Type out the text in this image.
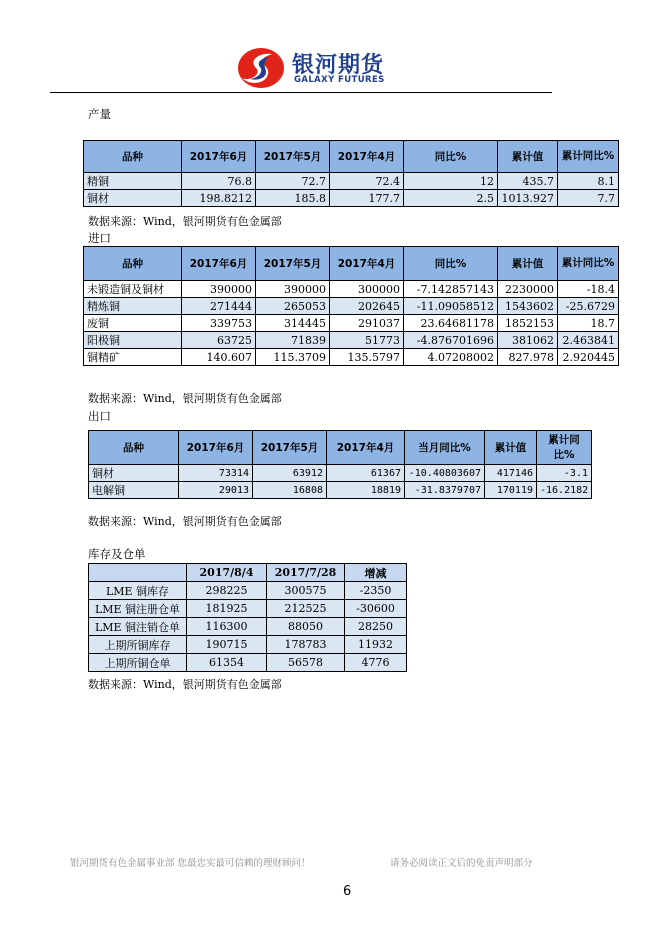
银河期货
GALAXY FUTURES
产量
品种	2017年6月	2017年5月	2017年4月	同比%	累计值	累计同比%
精铜	76.8	72.7	72.4	12	435.7	8.1
铜材	198.8212	185.8	177.7	2.5	1013.927	7.7
数据来源：Wind，银河期货有色金属部
进口
品种	2017年6月	2017年5月	2017年4月	同比%	累计值	累计同比%
未锻造铜及铜材	390000	390000	300000	-7.142857143	2230000	-18.4
精炼铜	271444	265053	202645	-11.09058512	1543602	-25.6729
废铜	339753	314445	291037	23.64681178	1852153	18.7
阳极铜	63725	71839	51773	-4.876701696	381062	2.463841
铜精矿	140.607	115.3709	135.5797	4.07208002	827.978	2.920445
数据来源：Wind，银河期货有色金属部
出口
品种	2017年6月	2017年5月	2017年4月	当月同比%	累计值	累计同比%
铜材	73314	63912	61367	-10.40803607	417146	-3.1
电解铜	29013	16808	18819	-31.8379707	170119	-16.2182
数据来源：Wind，银河期货有色金属部
库存及仓单
	2017/8/4	2017/7/28	增减
LME 铜库存	298225	300575	-2350
LME 铜注册仓单	181925	212525	-30600
LME 铜注销仓单	116300	88050	28250
上期所铜库存	190715	178783	11932
上期所铜仓单	61354	56578	4776
数据来源：Wind，银河期货有色金属部
银河期货有色金属事业部 您最忠实最可信赖的理财顾问！	请务必阅读正文后的免责声明部分
6
